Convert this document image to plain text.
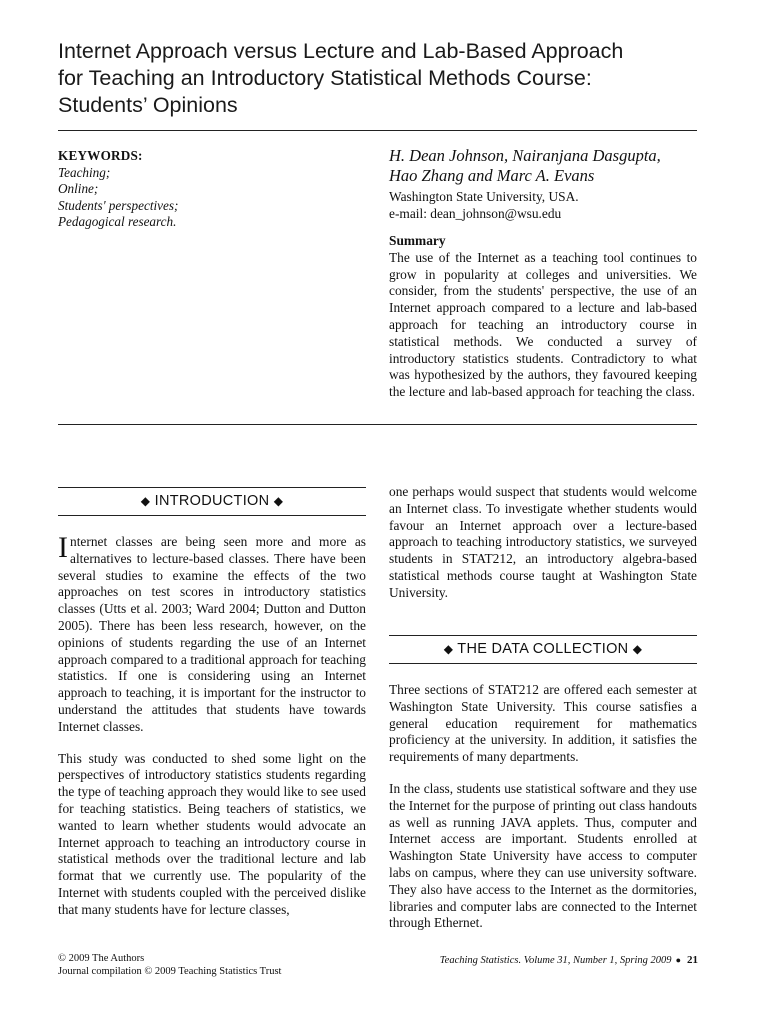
Internet Approach versus Lecture and Lab-Based Approach
for Teaching an Introductory Statistical Methods Course:
Students’ Opinions
KEYWORDS:
Teaching;
Online;
Students' perspectives;
Pedagogical research.
H. Dean Johnson, Nairanjana Dasgupta,
Hao Zhang and Marc A. Evans
Washington State University, USA.
e-mail: dean_johnson@wsu.edu
Summary
The use of the Internet as a teaching tool continues to grow in popularity at colleges and universities. We consider, from the students' perspective, the use of an Internet approach compared to a lecture and lab-based approach for teaching an introductory course in statistical methods. We conducted a survey of introductory statistics students. Contradictory to what was hypothesized by the authors, they favoured keeping the lecture and lab-based approach for teaching the class.
◆ INTRODUCTION ◆

Internet classes are being seen more and more as alternatives to lecture-based classes. There have been several studies to examine the effects of the two approaches on test scores in introductory statistics classes (Utts et al. 2003; Ward 2004; Dutton and Dutton 2005). There has been less research, however, on the opinions of students regarding the use of an Internet approach compared to a traditional approach for teaching statistics. If one is considering using an Internet approach to teaching, it is important for the instructor to understand the attitudes that students have towards Internet classes.

This study was conducted to shed some light on the perspectives of introductory statistics students regarding the type of teaching approach they would like to see used for teaching statistics. Being teachers of statistics, we wanted to learn whether students would advocate an Internet approach to teaching an introductory course in statistical methods over the traditional lecture and lab format that we currently use. The popularity of the Internet with students coupled with the perceived dislike that many students have for lecture classes,

one perhaps would suspect that students would welcome an Internet class. To investigate whether students would favour an Internet approach over a lecture-based approach to teaching introductory statistics, we surveyed students in STAT212, an introductory algebra-based statistical methods course taught at Washington State University.

◆ THE DATA COLLECTION ◆

Three sections of STAT212 are offered each semester at Washington State University. This course satisfies a general education requirement for mathematics proficiency at the university. In addition, it satisfies the requirements of many departments.

In the class, students use statistical software and they use the Internet for the purpose of printing out class handouts as well as running JAVA applets. Thus, computer and Internet access are important. Students enrolled at Washington State University have access to computer labs on campus, where they can use university software. They also have access to the Internet as the dormitories, libraries and computer labs are connected to the Internet through Ethernet.

© 2009 The Authors
Journal compilation © 2009 Teaching Statistics Trust
Teaching Statistics. Volume 31, Number 1, Spring 2009 ● 21
